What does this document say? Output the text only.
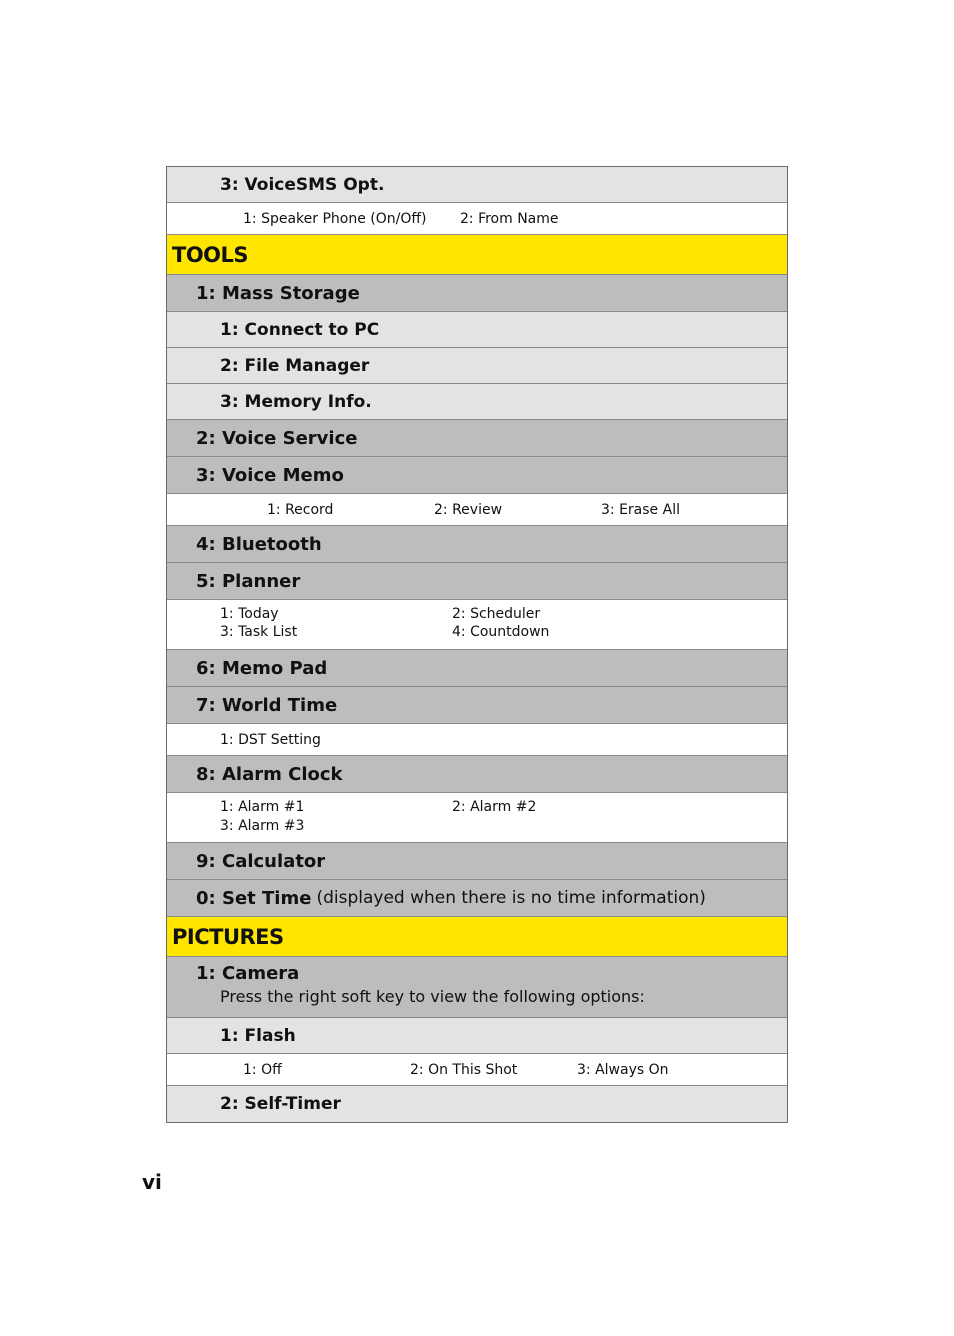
3: VoiceSMS Opt.
1: Speaker Phone (On/Off) 2: From Name
TOOLS
1: Mass Storage
1: Connect to PC
2: File Manager
3: Memory Info.
2: Voice Service
3: Voice Memo
1: Record	2: Review	3: Erase All
4: Bluetooth
5: Planner
1: Today	2: Scheduler
3: Task List	4: Countdown
6: Memo Pad
7: World Time
1: DST Setting
8: Alarm Clock
1: Alarm #1	2: Alarm #2
3: Alarm #3
9: Calculator
0: Set Time (displayed when there is no time information)
PICTURES
1: Camera
Press the right soft key to view the following options:
1: Flash
1: Off	2: On This Shot	3: Always On
2: Self-Timer
vi
